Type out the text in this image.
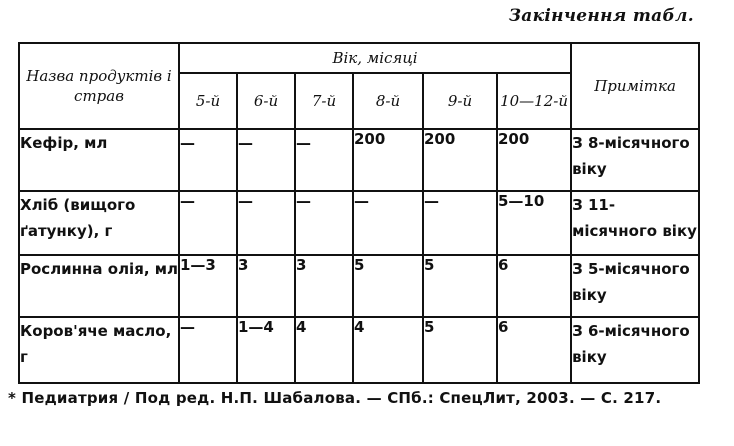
Закінчення табл.
Назва продуктів і страв	Вік, місяці						Примітка
	5-й	6-й	7-й	8-й	9-й	10—12-й	
Кефір, мл	—	—	—	200	200	200	З 8-місячного віку
Хліб (вищого ґатунку), г	—	—	—	—	—	5—10	З 11-місячного віку
Рослинна олія, мл	1—3	3	3	5	5	6	З 5-місячного віку
Коров'яче масло, г	—	1—4	4	4	5	6	З 6-місячного віку
* Педиатрия / Под ред. Н.П. Шабалова. — СПб.: СпецЛит, 2003. — С. 217.
